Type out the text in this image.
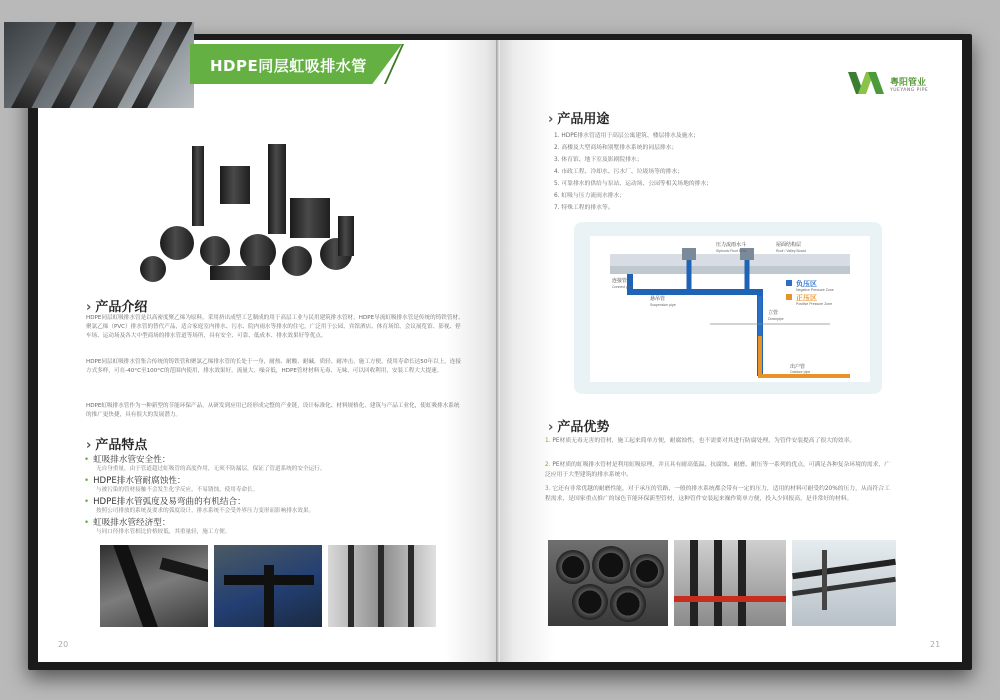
HDPE同层虹吸排水管
› 产品介绍

HDPE同层虹吸排水管是以高密度聚乙烯为原料，采用挤出成型工艺制成的用于高层工业与民用建筑排水管材。HDPE导流虹吸排水管是传统的铸铁管材、聚氯乙烯（PVC）排水管的替代产品，适合家庭室内排水、污水、院内雨水等排水的住宅，广泛用于公园、宾馆酒店、体育场馆、会议展览馆、影视、停车场、运动场及各大中型商场的排水管道等场所，具有安全、可靠、低成本、排水效果好等优点。

HDPE同层虹吸排水管集合传统的铸铁管和聚氯乙烯排水管的长处于一身，耐热、耐酸、耐碱，质轻、耐冲击，施工方便，使用寿命长达50年以上，连接方式多样，可在-40°C至100°C的范围内使用，排水效果好，流量大、噪音低，HDPE管材材料无毒、无味，可以回收利用，安装工程大大提速。

HDPE虹吸排水管作为一种新型的节能环保产品，从研发到应用已经形成完整的产业链，设计标准化、材料规格化、建筑与产品工业化，使虹吸排水系统的推广更快捷，具有很大的发展潜力。

› 产品特点
• 虹吸排水管安全性：
无自身重量，由于管道超过虹吸管的高度作用，无须不防漏层，保证了管道系统的安全运行。
• HDPE排水管耐腐蚀性：
与被污染的管材接触不会发生化学反应，不易锈蚀，使用寿命长。
• HDPE排水管弧度及易弯曲的有机结合：
按照公司排放的系统及要求的弧度设计，排水系统不会受外界压力变形而影响排水效果。
• 虹吸排水管经济型：
与同口径排水管相比价格较低，其重量轻，施工方便。
20
粤阳管业
YUEYANG PIPE
› 产品用途
1. HDPE排水管适用于高层公寓建筑、楼层排水及施水；
2. 高楼及大型商场和别墅排水系统的同层排水；
3. 体育馆、地下室及影剧院排水；
4. 市政工程、冷却水、污水厂、垃圾场等的排水；
5. 可靠排水的供给与泵站、运动场、公园等相关场地的排水；
6. 虹吸与压力流雨水排水；
7. 特殊工程的排水等。
压力流雨水斗
Siphonic Roof Drain
屋面结构层
Roof / Valley Board
连接管
Connect pipe
悬吊管
Suspension pipe
负压区
Negative Pressure Zone
正压区
Positive Pressure Zone
立管
Downpipe
出户管
Outdoor pipe
› 产品优势
1. PE材质无毒无害的管材，施工起来简单方便，耐腐蚀性，也不需要对其进行防腐处理，为管件安装提高了很大的效率。
2. PE材质的虹吸排水管材是利用虹吸原理，并且具有耐高低温、抗腐蚀、耐磨、耐压等一系列的优点，可满足各种复杂环境的需求，广泛应用于大型建筑的排水系统中。
3. 它还有非常优越的耐磨性能，对于承压的管路，一般的排水系统都会带有一定的压力，适用的材料可耐受约20%的压力，从而符合工程需求，是国家重点推广的绿色节能环保新型管材，这种管件安装起来操作简单方便，投入少回报高，是非常好的材料。
21
